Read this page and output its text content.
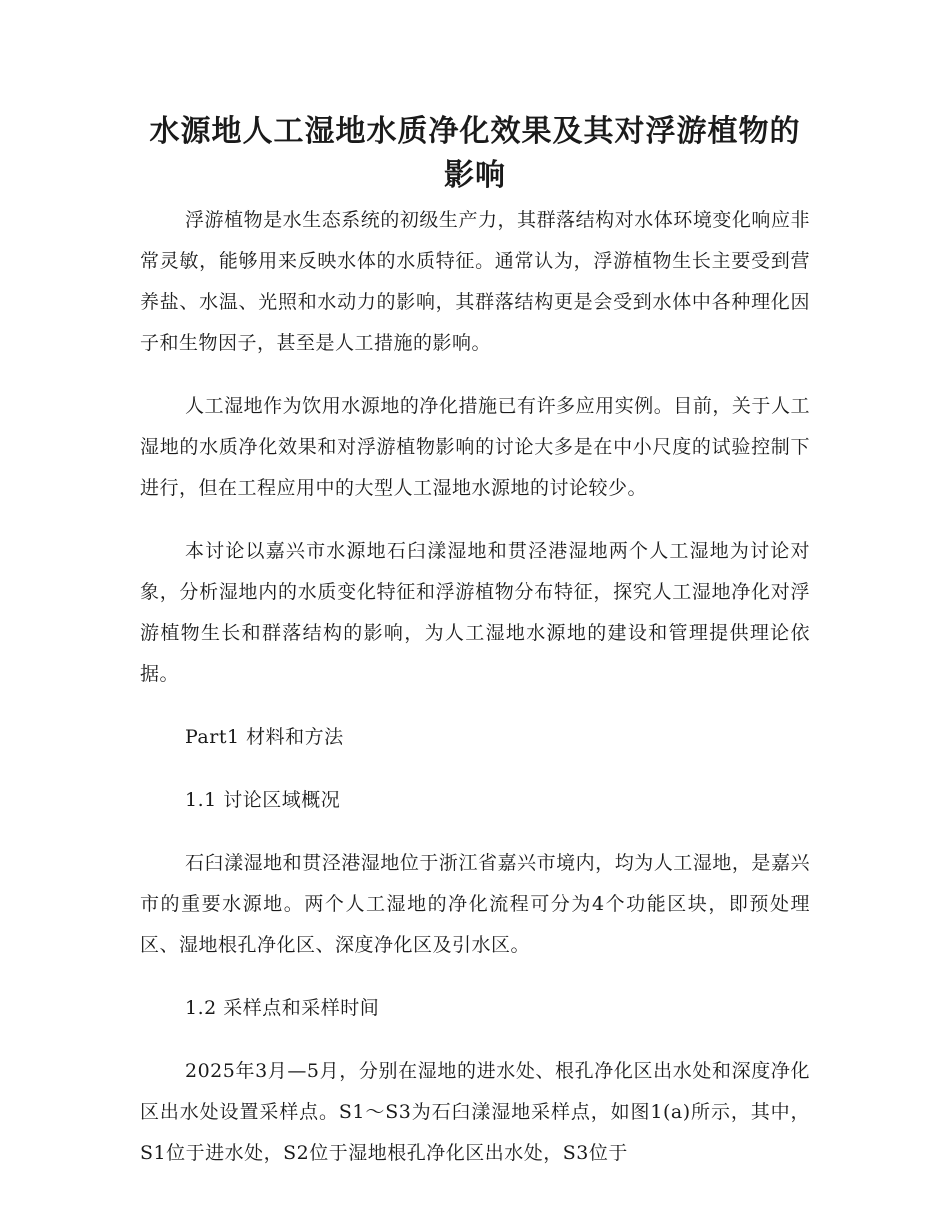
水源地人工湿地水质净化效果及其对浮游植物的影响

浮游植物是水生态系统的初级生产力，其群落结构对水体环境变化响应非常灵敏，能够用来反映水体的水质特征。通常认为，浮游植物生长主要受到营养盐、水温、光照和水动力的影响，其群落结构更是会受到水体中各种理化因子和生物因子，甚至是人工措施的影响。

人工湿地作为饮用水源地的净化措施已有许多应用实例。目前，关于人工湿地的水质净化效果和对浮游植物影响的讨论大多是在中小尺度的试验控制下进行，但在工程应用中的大型人工湿地水源地的讨论较少。

本讨论以嘉兴市水源地石臼漾湿地和贯泾港湿地两个人工湿地为讨论对象，分析湿地内的水质变化特征和浮游植物分布特征，探究人工湿地净化对浮游植物生长和群落结构的影响，为人工湿地水源地的建设和管理提供理论依据。

Part1 材料和方法

1.1 讨论区域概况

石臼漾湿地和贯泾港湿地位于浙江省嘉兴市境内，均为人工湿地，是嘉兴市的重要水源地。两个人工湿地的净化流程可分为4个功能区块，即预处理区、湿地根孔净化区、深度净化区及引水区。

1.2 采样点和采样时间

2025年3月—5月，分别在湿地的进水处、根孔净化区出水处和深度净化区出水处设置采样点。S1～S3为石臼漾湿地采样点，如图1(a)所示，其中，S1位于进水处，S2位于湿地根孔净化区出水处，S3位于
